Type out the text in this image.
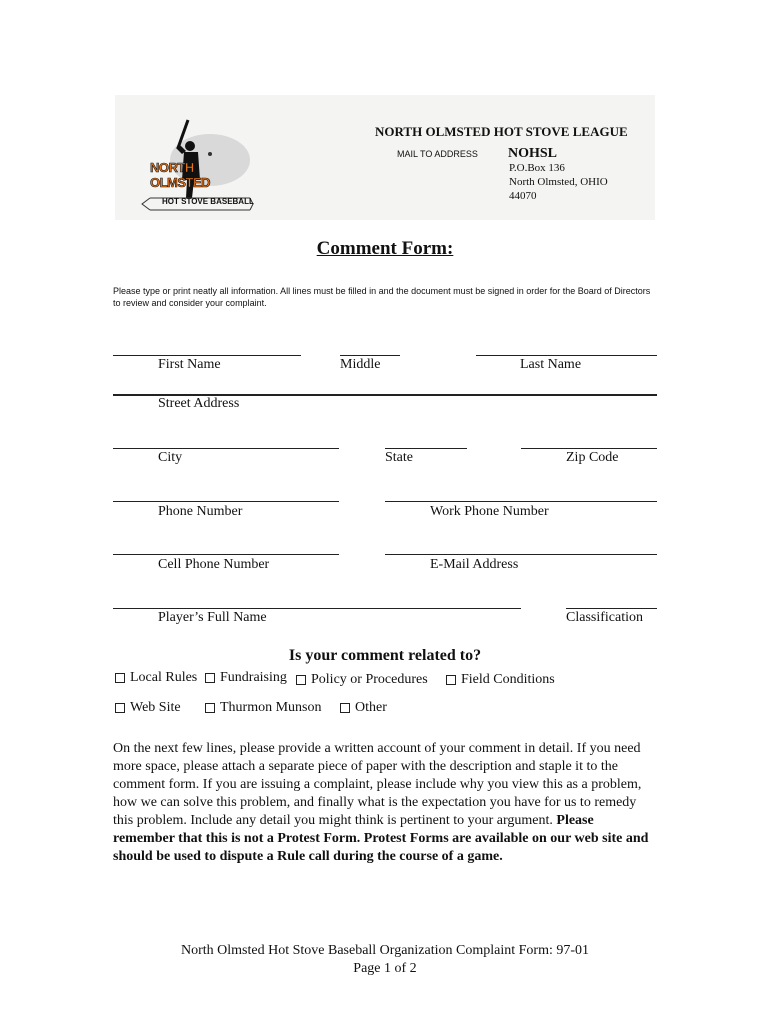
NORTH OLMSTED
HOT STOVE BASEBALL
NORTH OLMSTED HOT STOVE LEAGUE
MAIL TO ADDRESS NOHSL
P.O.Box 136
North Olmsted, OHIO
44070
Comment Form:
Please type or print neatly all information. All lines must be filled in and the document must be signed in order for the Board of Directors to review and consider your complaint.
First Name	Middle	Last Name
Street Address
City	State	Zip Code
Phone Number	Work Phone Number
Cell Phone Number	E-Mail Address
Player’s Full Name	Classification
Is your comment related to?
Local Rules Fundraising Policy or Procedures Field Conditions
Web Site	Thurmon Munson Other
On the next few lines, please provide a written account of your comment in detail. If you need more space, please attach a separate piece of paper with the description and staple it to the comment form. If you are issuing a complaint, please include why you view this as a problem, how we can solve this problem, and finally what is the expectation you have for us to remedy this problem. Include any detail you might think is pertinent to your argument. Please remember that this is not a Protest Form. Protest Forms are available on our web site and should be used to dispute a Rule call during the course of a game.
North Olmsted Hot Stove Baseball Organization Complaint Form: 97-01
Page 1 of 2
